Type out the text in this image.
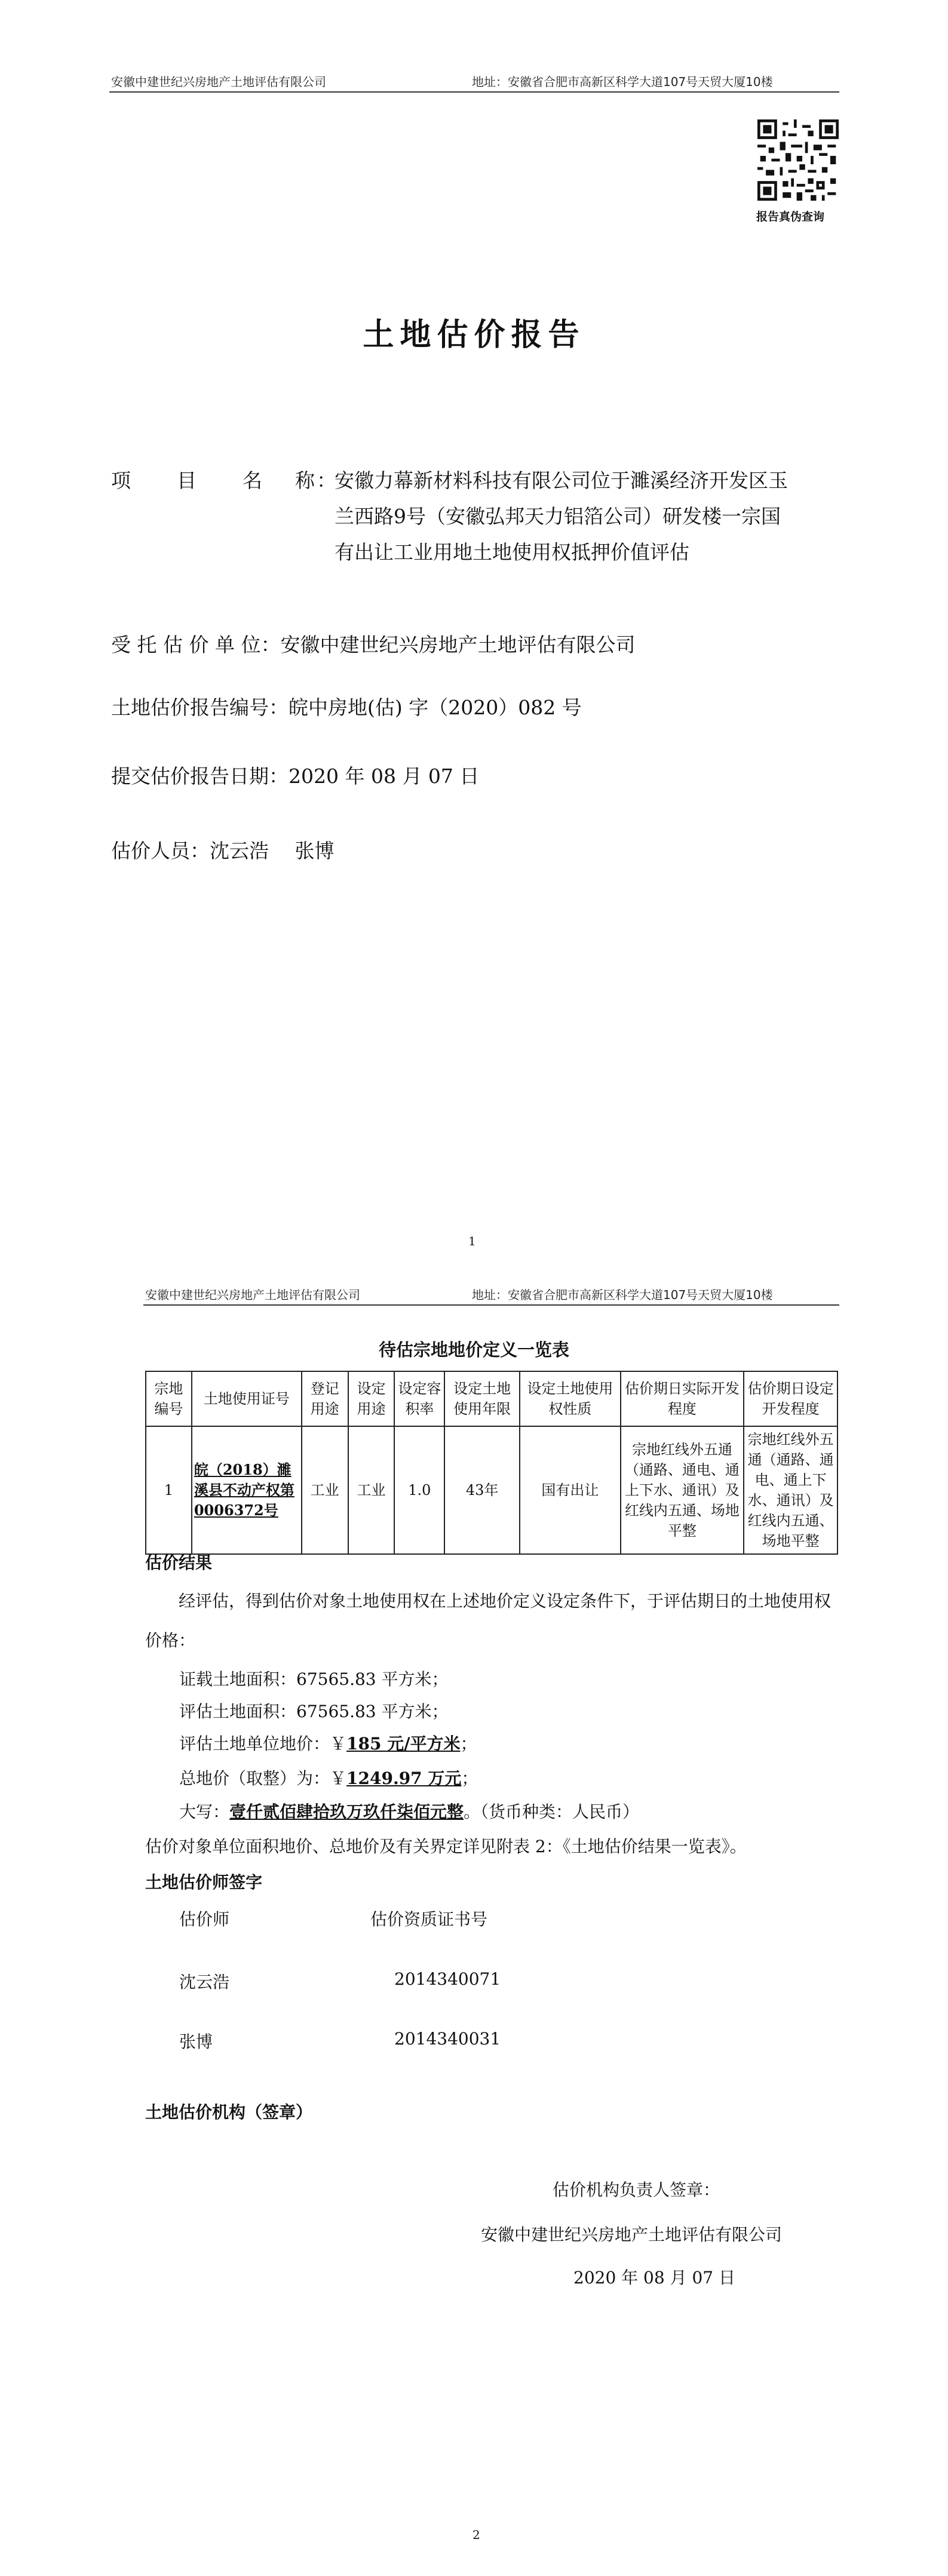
安徽中建世纪兴房地产土地评估有限公司	地址：安徽省合肥市高新区科学大道107号天贸大厦10楼
报告真伪查询
土地估价报告
项 目 名 称：
安徽力幕新材料科技有限公司位于濉溪经济开发区玉
兰西路9号（安徽弘邦天力铝箔公司）研发楼一宗国
有出让工业用地土地使用权抵押价值评估
受 托 估 价 单 位：安徽中建世纪兴房地产土地评估有限公司
土地估价报告编号：皖中房地(估) 字（2020）082 号
提交估价报告日期：2020 年 08 月 07 日
估价人员：沈云浩　 张博
1
安徽中建世纪兴房地产土地评估有限公司	地址：安徽省合肥市高新区科学大道107号天贸大厦10楼
待估宗地地价定义一览表
宗地编号	土地使用证号	登记用途	设定用途	设定容积率	设定土地使用年限	设定土地使用权性质	估价期日实际开发程度	估价期日设定开发程度
1	皖（2018）濉溪县不动产权第0006372号	工业	工业	1.0	43年	国有出让	宗地红线外五通（通路、通电、通上下水、通讯）及红线内五通、场地平整	宗地红线外五通（通路、通电、通上下水、通讯）及红线内五通、场地平整
估价结果
经评估，得到估价对象土地使用权在上述地价定义设定条件下，于评估期日的土地使用权价格：
证载土地面积：67565.83 平方米；
评估土地面积：67565.83 平方米；
评估土地单位地价：￥185 元/平方米；
总地价（取整）为：￥1249.97 万元；
大写：壹仟贰佰肆拾玖万玖仟柒佰元整。（货币种类：人民币）
估价对象单位面积地价、总地价及有关界定详见附表 2：《土地估价结果一览表》。
土地估价师签字
估价师	估价资质证书号
沈云浩	2014340071
张博	2014340031
土地估价机构（签章）
估价机构负责人签章：
安徽中建世纪兴房地产土地评估有限公司
2020 年 08 月 07 日
2
